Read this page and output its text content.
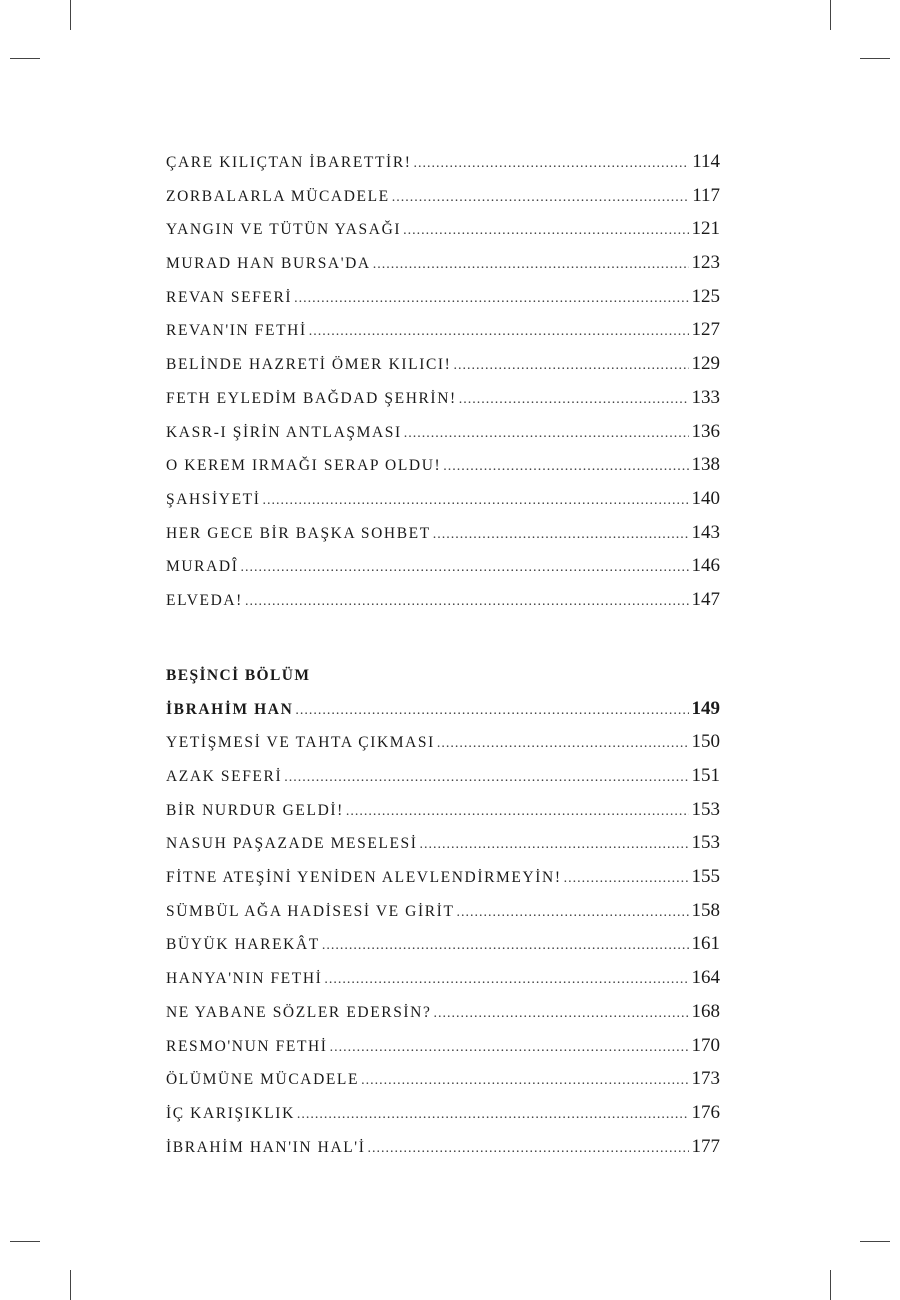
ÇARE KILIÇTAN İBARETTİR! .....	114
ZORBALARLA MÜCADELE .....	117
YANGIN VE TÜTÜN YASAĞI .....	121
MURAD HAN BURSA'DA .....	123
REVAN SEFERİ .....	125
REVAN'IN FETHİ .....	127
BELİNDE HAZRETİ ÖMER KILICI! .....	129
FETH EYLEDİM BAĞDAD ŞEHRİN! .....	133
KASR-I ŞİRİN ANTLAŞMASI .....	136
O KEREM IRMAĞI SERAP OLDU! .....	138
ŞAHSİYETİ .....	140
HER GECE BİR BAŞKA SOHBET .....	143
MURADÎ .....	146
ELVEDA! .....	147
BEŞİNCİ BÖLÜM
İBRAHİM HAN .....	149
YETİŞMESİ VE TAHTA ÇIKMASI .....	150
AZAK SEFERİ .....	151
BİR NURDUR GELDİ! .....	153
NASUH PAŞAZADE MESELESİ .....	153
FİTNE ATEŞİNİ YENİDEN ALEVLENDİRMEYİN! .....	155
SÜMBÜL AĞA HADİSESİ VE GİRİT .....	158
BÜYÜK HAREKÂT .....	161
HANYA'NIN FETHİ .....	164
NE YABANE SÖZLER EDERSİN? .....	168
RESMO'NUN FETHİ .....	170
ÖLÜMÜNE MÜCADELE .....	173
İÇ KARIŞIKLIK .....	176
İBRAHİM HAN'IN HAL'İ .....	177
